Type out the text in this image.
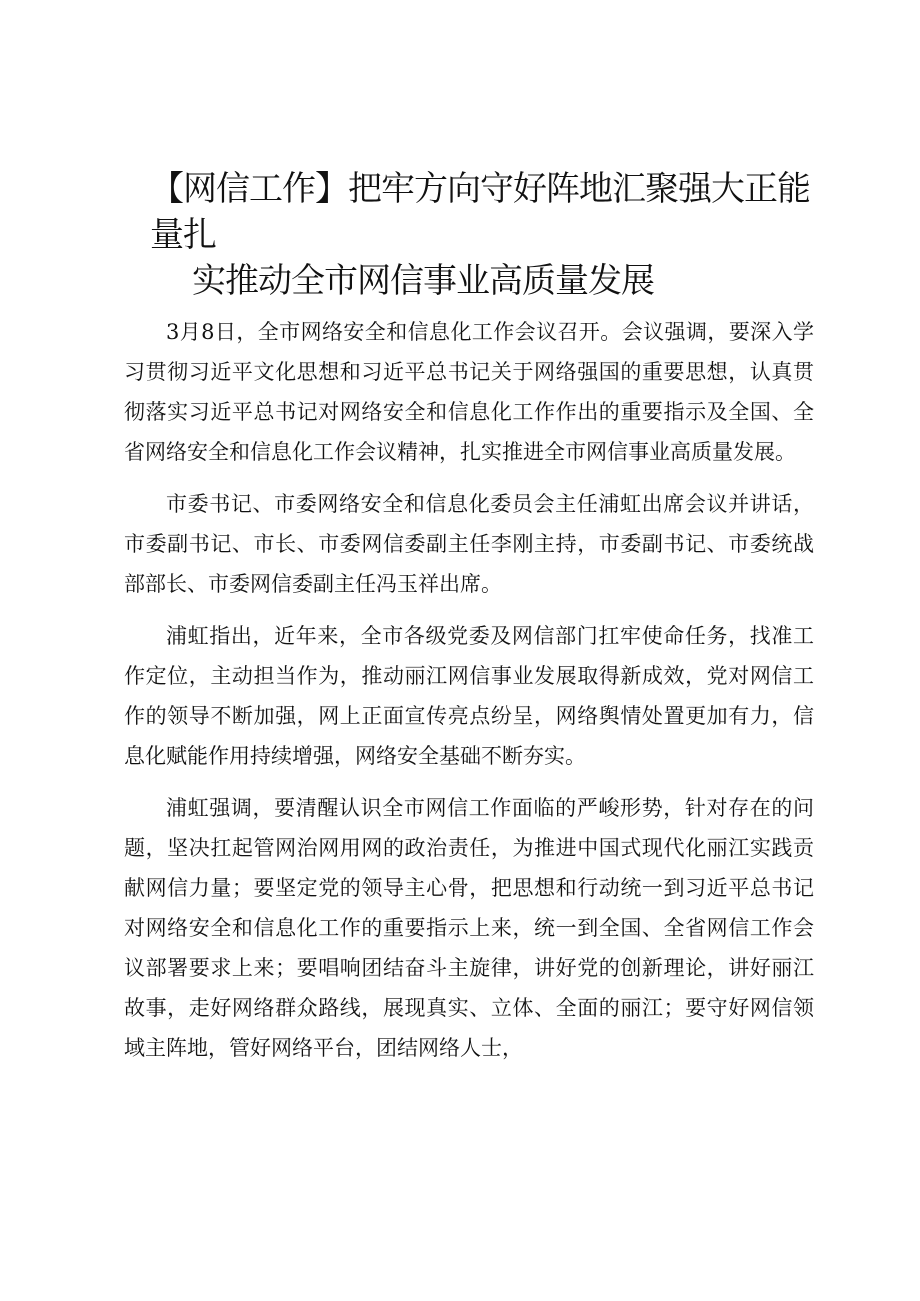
【网信工作】把牢方向守好阵地汇聚强大正能量扎
实推动全市网信事业高质量发展

3月8日，全市网络安全和信息化工作会议召开。会议强调，要深入学习贯彻习近平文化思想和习近平总书记关于网络强国的重要思想，认真贯彻落实习近平总书记对网络安全和信息化工作作出的重要指示及全国、全省网络安全和信息化工作会议精神，扎实推进全市网信事业高质量发展。

市委书记、市委网络安全和信息化委员会主任浦虹出席会议并讲话，市委副书记、市长、市委网信委副主任李刚主持，市委副书记、市委统战部部长、市委网信委副主任冯玉祥出席。

浦虹指出，近年来，全市各级党委及网信部门扛牢使命任务，找准工作定位，主动担当作为，推动丽江网信事业发展取得新成效，党对网信工作的领导不断加强，网上正面宣传亮点纷呈，网络舆情处置更加有力，信息化赋能作用持续增强，网络安全基础不断夯实。

浦虹强调，要清醒认识全市网信工作面临的严峻形势，针对存在的问题，坚决扛起管网治网用网的政治责任，为推进中国式现代化丽江实践贡献网信力量；要坚定党的领导主心骨，把思想和行动统一到习近平总书记对网络安全和信息化工作的重要指示上来，统一到全国、全省网信工作会议部署要求上来；要唱响团结奋斗主旋律，讲好党的创新理论，讲好丽江故事，走好网络群众路线，展现真实、立体、全面的丽江；要守好网信领域主阵地，管好网络平台，团结网络人士，
